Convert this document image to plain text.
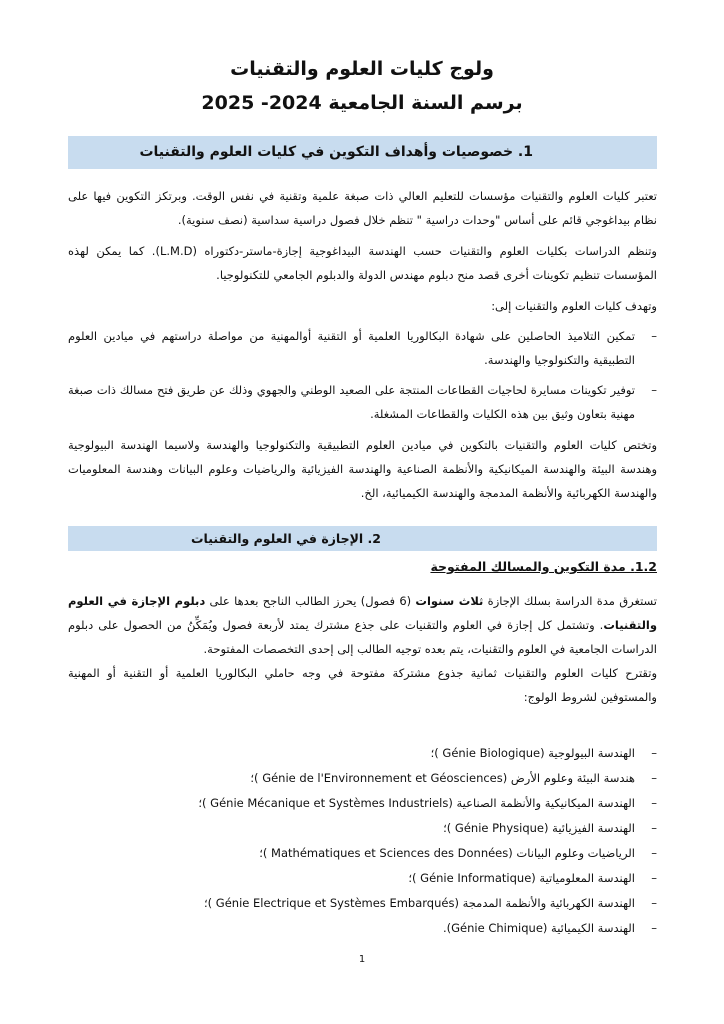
ولوج كليات العلوم والتقنيات
برسم السنة الجامعية 2024- 2025
1. خصوصيات وأهداف التكوين في كليات العلوم والتقنيات

تعتبر كليات العلوم والتقنيات مؤسسات للتعليم العالي ذات صبغة علمية وتقنية في نفس الوقت. وبرتكز التكوين فيها على نظام بيداغوجي قائم على أساس "وحدات دراسية " تنظم خلال فصول دراسية سداسية (نصف سنوية).

وتنظم الدراسات بكليات العلوم والتقنيات حسب الهندسة البيداغوجية إجازة-ماستر-دكتوراه (L.M.D). كما يمكن لهذه المؤسسات تنظيم تكوينات أخرى قصد منح دبلوم مهندس الدولة والدبلوم الجامعي للتكنولوجيا.

وتهدف كليات العلوم والتقنيات إلى:

–
تمكين التلاميذ الحاصلين على شهادة البكالوريا العلمية أو التقنية أوالمهنية من مواصلة دراستهم في ميادين العلوم التطبيقية والتكنولوجيا والهندسة.
–
توفير تكوينات مسايرة لحاجيات القطاعات المنتجة على الصعيد الوطني والجهوي وذلك عن طريق فتح مسالك ذات صبغة مهنية بتعاون وثيق بين هذه الكليات والقطاعات المشغلة.

وتختص كليات العلوم والتقنيات بالتكوين في ميادين العلوم التطبيقية والتكنولوجيا والهندسة ولاسيما الهندسة البيولوجية وهندسة البيئة والهندسة الميكانيكية والأنظمة الصناعية والهندسة الفيزيائية والرياضيات وعلوم البيانات وهندسة المعلوميات والهندسة الكهربائية والأنظمة المدمجة والهندسة الكيميائية، الخ.

2. الإجازة في العلوم والتقنيات
1.2. مدة التكوين والمسالك المفتوحة

تستغرق مدة الدراسة بسلك الإجازة ثلاث سنوات (6 فصول) يحرز الطالب الناجح بعدها على دبلوم الإجازة في العلوم والتقنيات. وتشتمل كل إجازة في العلوم والتقنيات على جذع مشترك يمتد لأربعة فصول ويُمَكِّنُ من الحصول على دبلوم الدراسات الجامعية في العلوم والتقنيات، يتم بعده توجيه الطالب إلى إحدى التخصصات المفتوحة.

وتقترح كليات العلوم والتقنيات ثمانية جذوع مشتركة مفتوحة في وجه حاملي البكالوريا العلمية أو التقنية أو المهنية والمستوفين لشروط الولوج:

–
الهندسة البيولوجية (Génie Biologique )؛
–
هندسة البيئة وعلوم الأرض (Génie de l'Environnement et Géosciences )؛
–
الهندسة الميكانيكية والأنظمة الصناعية (Génie Mécanique et Systèmes Industriels )؛
–
الهندسة الفيزيائية (Génie Physique )؛
–
الرياضيات وعلوم البيانات (Mathématiques et Sciences des Données )؛
–
الهندسة المعلومياتية (Génie Informatique )؛
–
الهندسة الكهربائية والأنظمة المدمجة (Génie Electrique et Systèmes Embarqués )؛
–
الهندسة الكيميائية (Génie Chimique).
1
